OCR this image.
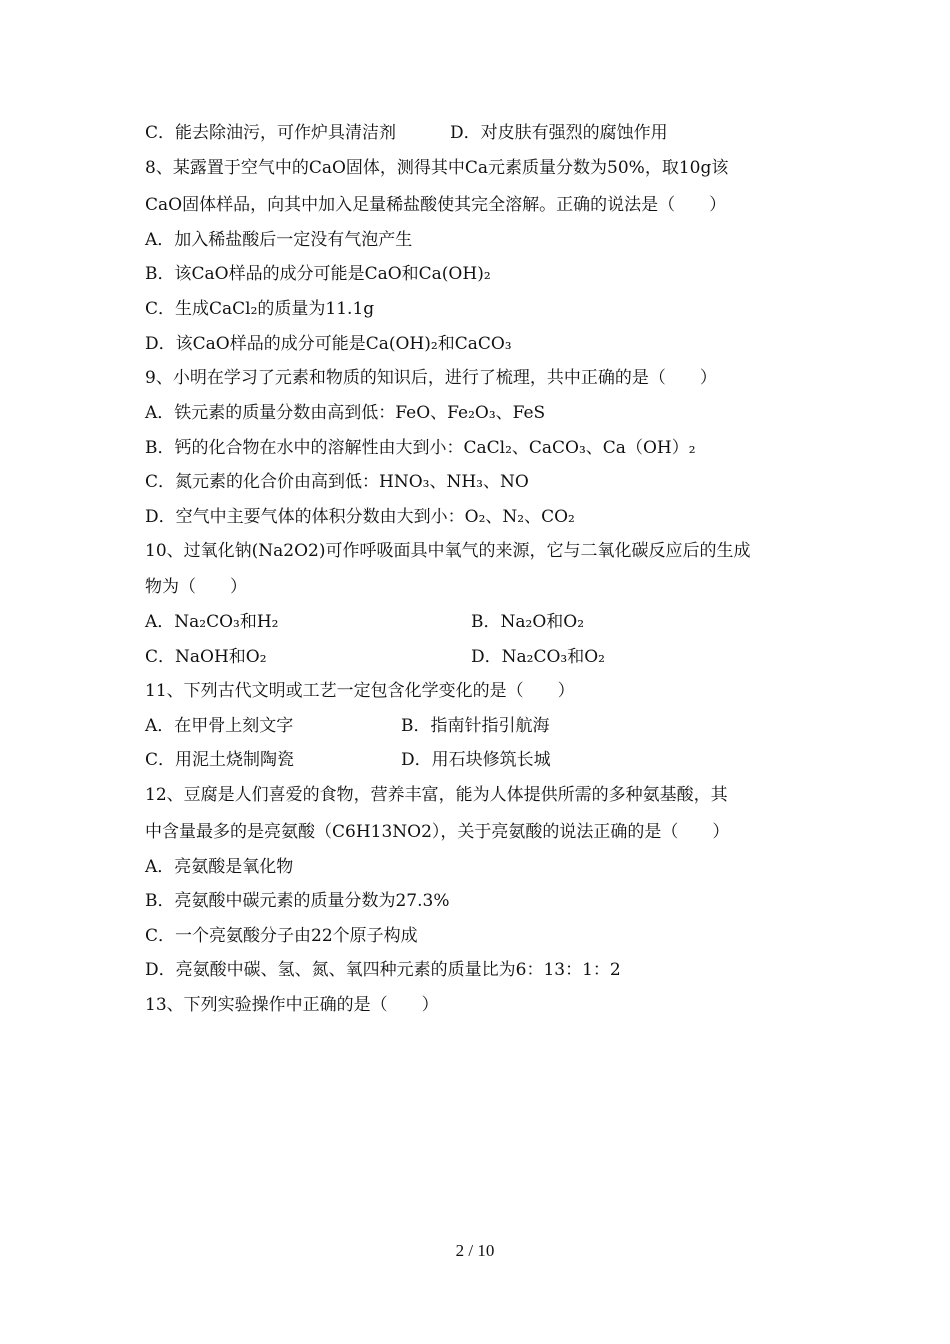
C．能去除油污，可作炉具清洁剂	D．对皮肤有强烈的腐蚀作用
8、某露置于空气中的CaO固体，测得其中Ca元素质量分数为50%，取10g该
CaO固体样品，向其中加入足量稀盐酸使其完全溶解。正确的说法是（　　）
A．加入稀盐酸后一定没有气泡产生
B．该CaO样品的成分可能是CaO和Ca(OH)₂
C．生成CaCl₂的质量为11.1g
D．该CaO样品的成分可能是Ca(OH)₂和CaCO₃
9、小明在学习了元素和物质的知识后，进行了梳理，共中正确的是（　　）
A．铁元素的质量分数由高到低：FeO、Fe₂O₃、FeS
B．钙的化合物在水中的溶解性由大到小：CaCl₂、CaCO₃、Ca（OH）₂
C．氮元素的化合价由高到低：HNO₃、NH₃、NO
D．空气中主要气体的体积分数由大到小：O₂、N₂、CO₂
10、过氧化钠(Na2O2)可作呼吸面具中氧气的来源，它与二氧化碳反应后的生成
物为（　　）
A．Na₂CO₃和H₂	B．Na₂O和O₂
C．NaOH和O₂	D．Na₂CO₃和O₂
11、下列古代文明或工艺一定包含化学变化的是（　　）
A．在甲骨上刻文字	B．指南针指引航海
C．用泥土烧制陶瓷	D．用石块修筑长城
12、豆腐是人们喜爱的食物，营养丰富，能为人体提供所需的多种氨基酸，其
中含量最多的是亮氨酸（C6H13NO2），关于亮氨酸的说法正确的是（　　）
A．亮氨酸是氧化物
B．亮氨酸中碳元素的质量分数为27.3%
C．一个亮氨酸分子由22个原子构成
D．亮氨酸中碳、氢、氮、氧四种元素的质量比为6：13：1：2
13、下列实验操作中正确的是（　　）
2 / 10
